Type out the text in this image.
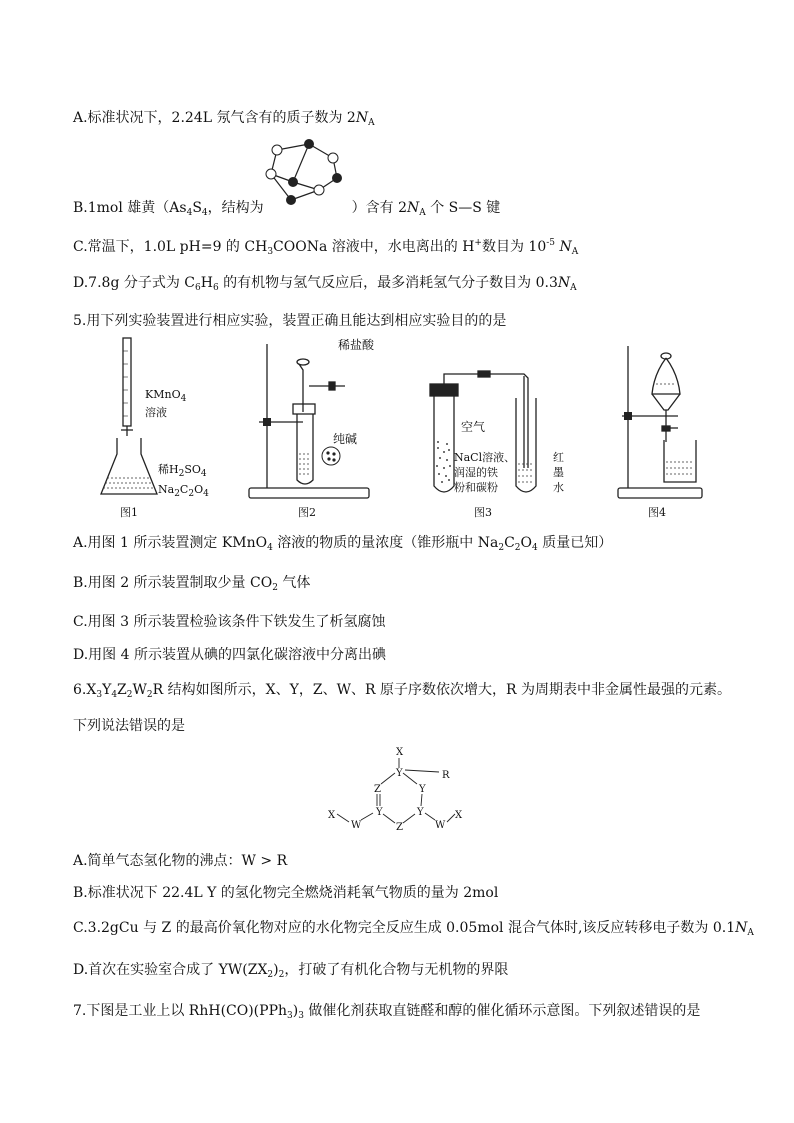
A.标准状况下，2.24L 氖气含有的质子数为 $2N_A$
B.1mol 雄黄（$As_4S_4$，结构为	）含有 $2N_A$ 个 S—S 键
C.常温下，1.0L pH=9 的 $CH_3COONa$ 溶液中，水电离出的 H+数目为 $10^{-5}$ $N_A$
D.7.8g 分子式为 $C_6H_6$ 的有机物与氢气反应后，最多消耗氢气分子数目为 $0.3N_A$
5.用下列实验装置进行相应实验，装置正确且能达到相应实验目的的是
KMnO$_4$
溶液
稀$H_2SO_4$
$Na_2C_2O_4$
图1
稀盐酸
纯碱
图2
空气
NaCl溶液、
润湿的铁
粉和碳粉
红
墨
水
图3	图4
A.用图 1 所示装置测定 KMnO$_4$ 溶液的物质的量浓度（锥形瓶中 $Na_2C_2O_4$ 质量已知）
B.用图 2 所示装置制取少量 $CO_2$ 气体
C.用图 3 所示装置检验该条件下铁发生了析氢腐蚀
D.用图 4 所示装置从碘的四氯化碳溶液中分离出碘
$6.X_3Y_4Z_2W_2R$ 结构如图所示，X、Y，Z、W、R 原子序数依次增大，R 为周期表中非金属性最强的元素。
下列说法错误的是
X
Y	R
Z	Y
Y	Y
Z
X
W	W
X
A.简单气态氢化物的沸点：W > R
B.标准状况下 22.4L Y 的氢化物完全燃烧消耗氧气物质的量为 2mol
C.3.2gCu 与 Z 的最高价氧化物对应的水化物完全反应生成 0.05mol 混合气体时,该反应转移电子数为 $0.1N_A$
D.首次在实验室合成了 $YW(ZX_2)_2$，打破了有机化合物与无机物的界限
7.下图是工业上以 $RhH(CO)(PPh_3)_3$ 做催化剂获取直链醛和醇的催化循环示意图。下列叙述错误的是
